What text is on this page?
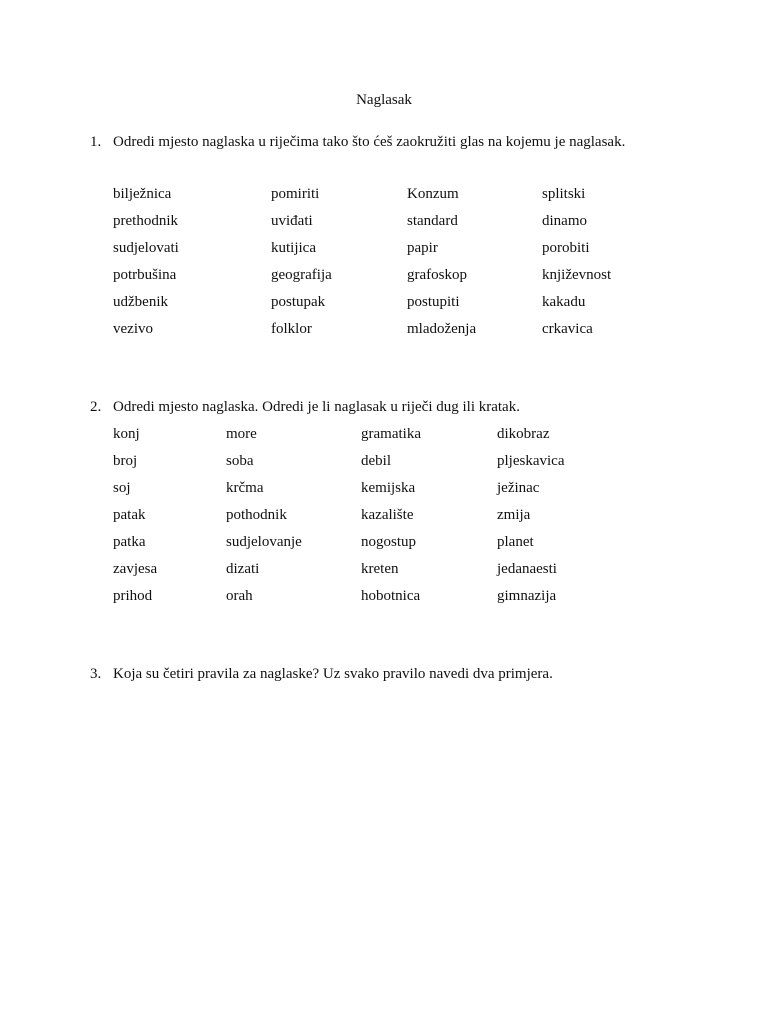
Naglasak
1. Odredi mjesto naglaska u riječima tako što ćeš zaokružiti glas na kojemu je naglasak.
bilježnica	pomiriti	Konzum	splitski
prethodnik	uviđati	standard	dinamo
sudjelovati	kutijica	papir	porobiti
potrbušina	geografija	grafoskop	književnost
udžbenik	postupak	postupiti	kakadu
vezivo	folklor	mladoženja	crkavica
2. Odredi mjesto naglaska. Odredi je li naglasak u riječi dug ili kratak.
konj	more	gramatika	dikobraz
broj	soba	debil	pljeskavica
soj	krčma	kemijska	ježinac
patak	pothodnik	kazalište	zmija
patka	sudjelovanje	nogostup	planet
zavjesa	dizati	kreten	jedanaesti
prihod	orah	hobotnica	gimnazija
3. Koja su četiri pravila za naglaske? Uz svako pravilo navedi dva primjera.
